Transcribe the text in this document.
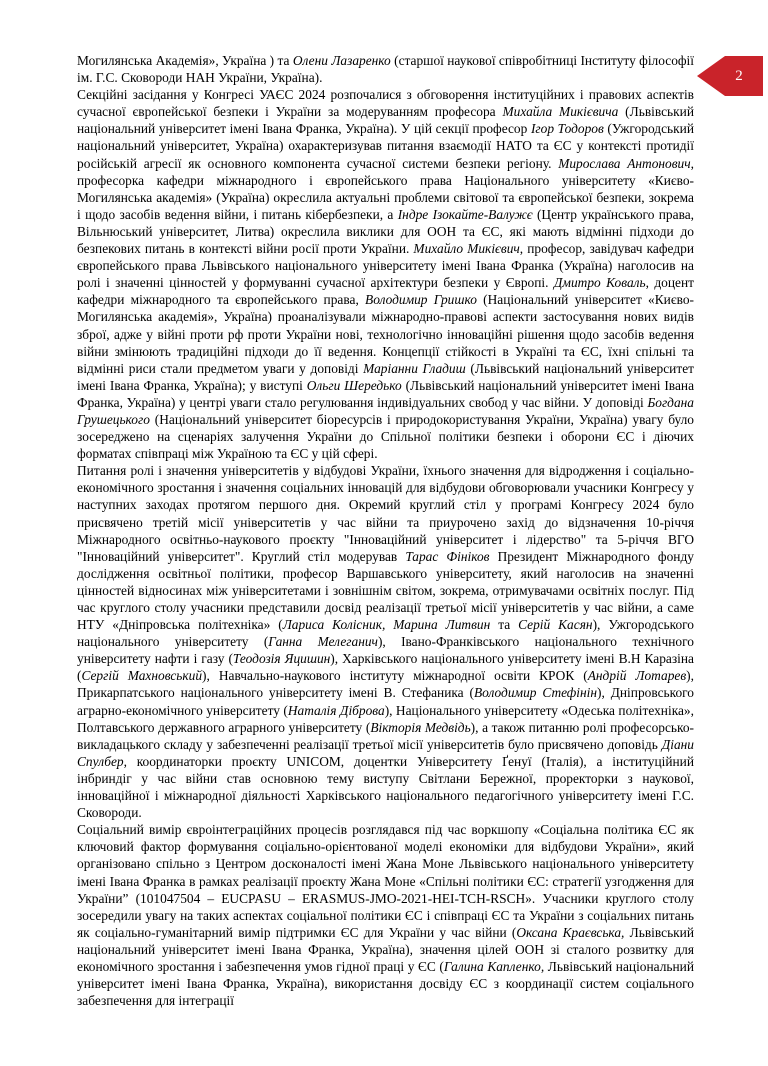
2

Могилянська Академія», Україна ) та Олени Лазаренко (старшої наукової співробітниці Інституту філософії ім. Г.С. Сковороди НАН України, Україна).

Секційні засідання у Конгресі УАЄС 2024 розпочалися з обговорення інституційних і правових аспектів сучасної європейської безпеки і України за модеруванням професора Михайла Микієвича (Львівський національний університет імені Івана Франка, Україна). У цій секції професор Ігор Тодоров (Ужгородський національний університет, Україна) охарактеризував питання взаємодії НАТО та ЄС у контексті протидії російській агресії як основного компонента сучасної системи безпеки регіону. Мирослава Антонович, професорка кафедри міжнародного і європейського права Національного університету «Києво-Могилянська академія» (Україна) окреслила актуальні проблеми світової та європейської безпеки, зокрема і щодо засобів ведення війни, і питань кібербезпеки, а Індре Ізокайте-Валужє (Центр українського права, Вільнюський університет, Литва) окреслила виклики для ООН та ЄС, які мають відмінні підходи до безпекових питань в контексті війни росії проти України. Михайло Микієвич, професор, завідувач кафедри європейського права Львівського національного університету імені Івана Франка (Україна) наголосив на ролі і значенні цінностей у формуванні сучасної архітектури безпеки у Європі. Дмитро Коваль, доцент кафедри міжнародного та європейського права, Володимир Гришко (Національний університет «Києво-Могилянська академія», Україна) проаналізували міжнародно-правові аспекти застосування нових видів зброї, адже у війні проти рф проти України нові, технологічно інноваційні рішення щодо засобів ведення війни змінюють традиційні підходи до її ведення. Концепції стійкості в Україні та ЄС, їхні спільні та відмінні риси стали предметом уваги у доповіді Маріанни Гладиш (Львівський національний університет імені Івана Франка, Україна); у виступі Ольги Шередько (Львівський національний університет імені Івана Франка, Україна) у центрі уваги стало регулювання індивідуальних свобод у час війни. У доповіді Богдана Грушецького (Національний університет біоресурсів і природокористування України, Україна) увагу було зосереджено на сценаріях залучення України до Спільної політики безпеки і оборони ЄС і діючих форматах співпраці між Україною та ЄС у цій сфері.

Питання ролі і значення університетів у відбудові України, їхнього значення для відродження і соціально-економічного зростання і значення соціальних інновацій для відбудови обговорювали учасники Конгресу у наступних заходах протягом першого дня. Окремий круглий стіл у програмі Конгресу 2024 було присвячено третій місії університетів у час війни та приурочено захід до відзначення 10-річчя Міжнародного освітньо-наукового проєкту "Інноваційний університет і лідерство" та 5-річчя ВГО "Інноваційний університет". Круглий стіл модерував Тарас Фініков Президент Міжнародного фонду дослідження освітньої політики, професор Варшавського університету, який наголосив на значенні цінностей відносинах між університетами і зовнішнім світом, зокрема, отримувачами освітніх послуг. Під час круглого столу учасники представили досвід реалізації третьої місії університетів у час війни, а саме НТУ «Дніпровська політехніка» (Лариса Колісник, Марина Литвин та Серій Касян), Ужгородського національного університету (Ганна Мелеганич), Івано-Франківського національного технічного університету нафти і газу (Теодозія Яцишин), Харківського національного університету імені В.Н Каразіна (Сергій Махновський), Навчально-наукового інституту міжнародної освіти КРОК (Андрій Лотарев), Прикарпатського національного університету імені В. Стефаника (Володимир Стефінін), Дніпровського аграрно-економічного університету (Наталія Діброва), Національного університету «Одеська політехніка», Полтавського державного аграрного університету (Вікторія Медвідь), а також питанню ролі професорсько-викладацького складу у забезпеченні реалізації третьої місії університетів було присвячено доповідь Діани Спулбер, координаторки проєкту UNICOM, доцентки Університету Ґенуї (Італія), а інституційний інбриндіг у час війни став основною тему виступу Світлани Бережної, проректорки з наукової, інноваційної і міжнародної діяльності Харківського національного педагогічного університету імені Г.С. Сковороди.

Соціальний вимір євроінтеграційних процесів розглядався під час воркшопу «Соціальна політика ЄС як ключовий фактор формування соціально-орієнтованої моделі економіки для відбудови України», який організовано спільно з Центром досконалості імені Жана Моне Львівського національного університету імені Івана Франка в рамках реалізації проєкту Жана Моне «Спільні політики ЄС: стратегії узгодження для України” (101047504 – EUCPASU – ERASMUS-JMO-2021-HEI-TCH-RSCH». Учасники круглого столу зосередили увагу на таких аспектах соціальної політики ЄС і співпраці ЄС та України з соціальних питань як соціально-гуманітарний вимір підтримки ЄС для України у час війни (Оксана Краєвська, Львівський національний університет імені Івана Франка, Україна), значення цілей ООН зі сталого розвитку для економічного зростання і забезпечення умов гідної праці у ЄС (Галина Капленко, Львівський національний університет імені Івана Франка, Україна), використання досвіду ЄС з координації систем соціального забезпечення для інтеграції
